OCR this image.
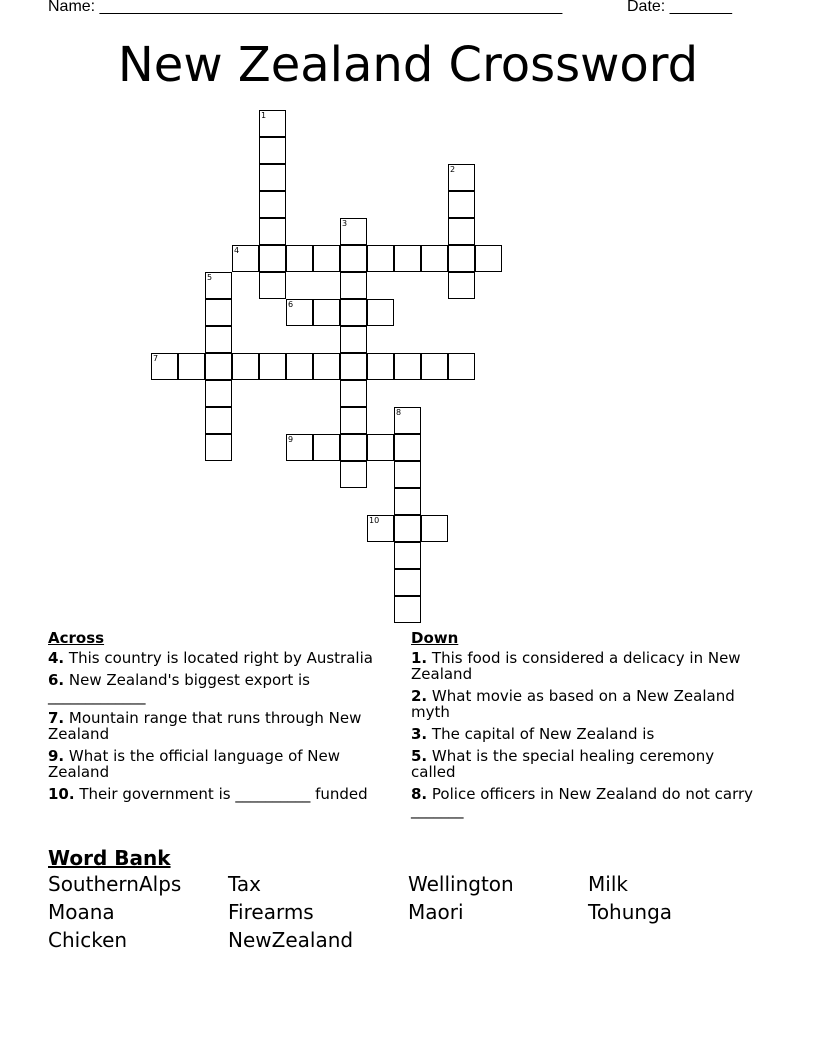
Name: ____________________________________________________	Date: _______
New Zealand Crossword
1
2
3
4
5
6
7
8
9
10
Across
4. This country is located right by Australia
6. New Zealand's biggest export is _____________
7. Mountain range that runs through New Zealand
9. What is the official language of New Zealand
10. Their government is __________ funded
Down
1. This food is considered a delicacy in New Zealand
2. What movie as based on a New Zealand myth
3. The capital of New Zealand is
5. What is the special healing ceremony called
8. Police officers in New Zealand do not carry _______
Word Bank
SouthernAlps	Tax	Wellington	Milk
Moana	Firearms	Maori	Tohunga
Chicken	NewZealand
